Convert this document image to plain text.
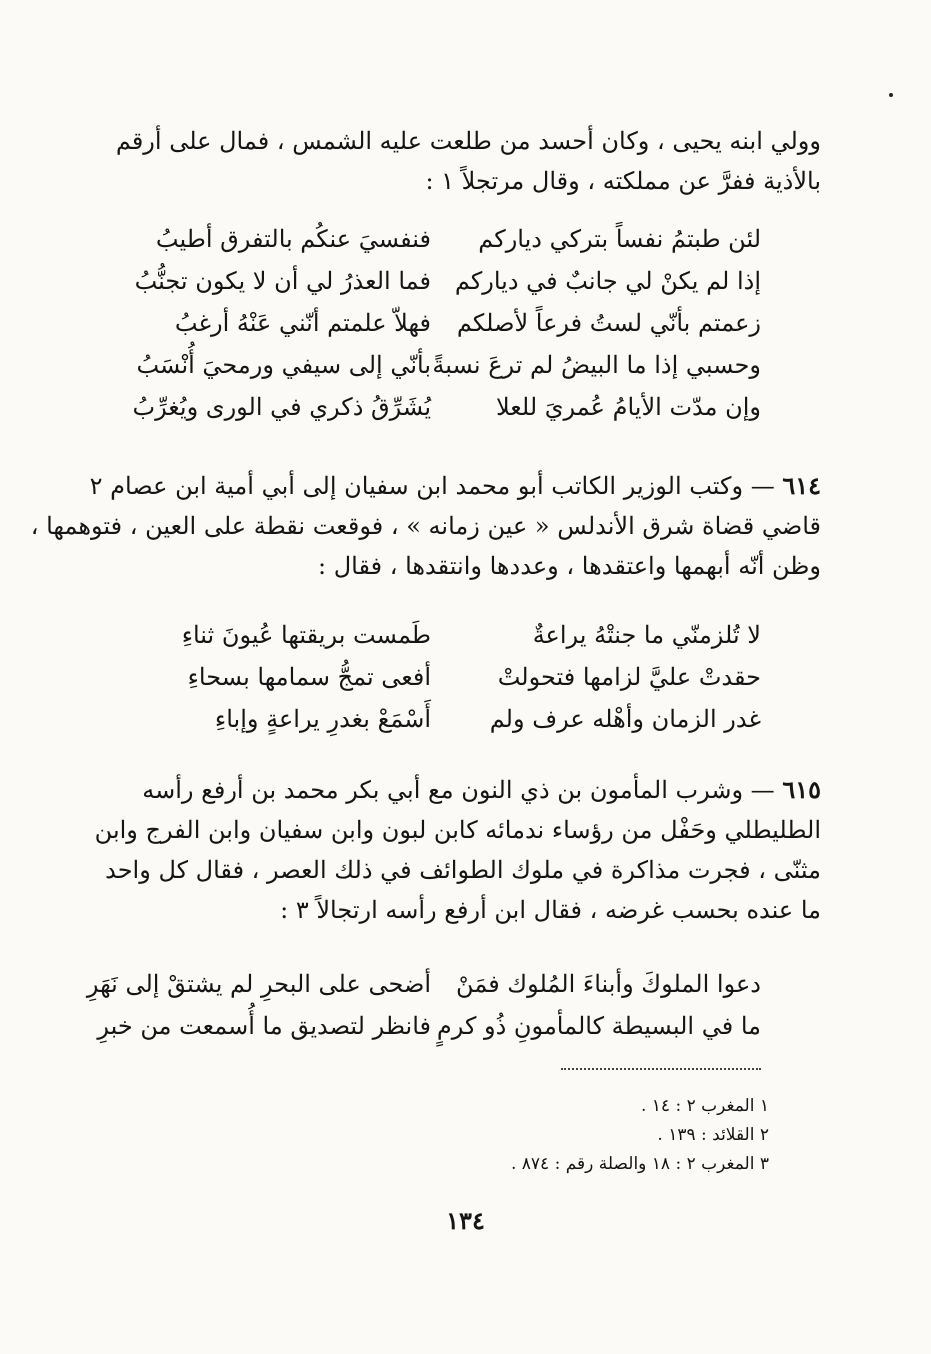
وولي ابنه يحيى ، وكان أحسد من طلعت عليه الشمس ، فمال على أرقم
بالأذية ففرَّ عن مملكته ، وقال مرتجلاً ١ :
لئن طبتمُ نفساً بتركي دياركم
فنفسيَ عنكُم بالتفرق أطيبُ
إذا لم يكنْ لي جانبٌ في دياركم
فما العذرُ لي أن لا يكون تجنُّبُ
زعمتم بأنّي لستُ فرعاً لأصلكم
فهلاّ علمتم أنّني عَنْهُ أرغبُ
وحسبي إذا ما البيضُ لم ترعَ نسبةً
بأنّي إلى سيفي ورمحيَ أُنْسَبُ
وإن مدّت الأيامُ عُمريَ للعلا
يُشَرِّقُ ذكري في الورى ويُغرِّبُ
٦١٤ — وكتب الوزير الكاتب أبو محمد ابن سفيان إلى أبي أمية ابن عصام ٢
قاضي قضاة شرق الأندلس « عين زمانه » ، فوقعت نقطة على العين ، فتوهمها ،
وظن أنّه أبهمها واعتقدها ، وعددها وانتقدها ، فقال :
لا تُلزمنّي ما جنتْهُ يراعةٌ
طَمست بريقتها عُيونَ ثناءِ
حقدتْ عليَّ لزامها فتحولتْ
أفعى تمجُّ سمامها بسحاءِ
غدر الزمان وأهْله عرف ولم
أَسْمَعْ بغدرِ يراعةٍ وإباءِ
٦١٥ — وشرب المأمون بن ذي النون مع أبي بكر محمد بن أرفع رأسه
الطليطلي وحَفْل من رؤساء ندمائه كابن لبون وابن سفيان وابن الفرج وابن
مثنّى ، فجرت مذاكرة في ملوك الطوائف في ذلك العصر ، فقال كل واحد
ما عنده بحسب غرضه ، فقال ابن أرفع رأسه ارتجالاً ٣ :
دعوا الملوكَ وأبناءَ المُلوك فمَنْ
أضحى على البحرِ لم يشتقْ إلى نَهَرِ
ما في البسيطة كالمأمونِ ذُو كرمٍ
فانظر لتصديق ما أُسمعت من خبرِ
١ المغرب ٢ : ١٤ .
٢ القلائد : ١٣٩ .
٣ المغرب ٢ : ١٨ والصلة رقم : ٨٧٤ .
١٣٤
